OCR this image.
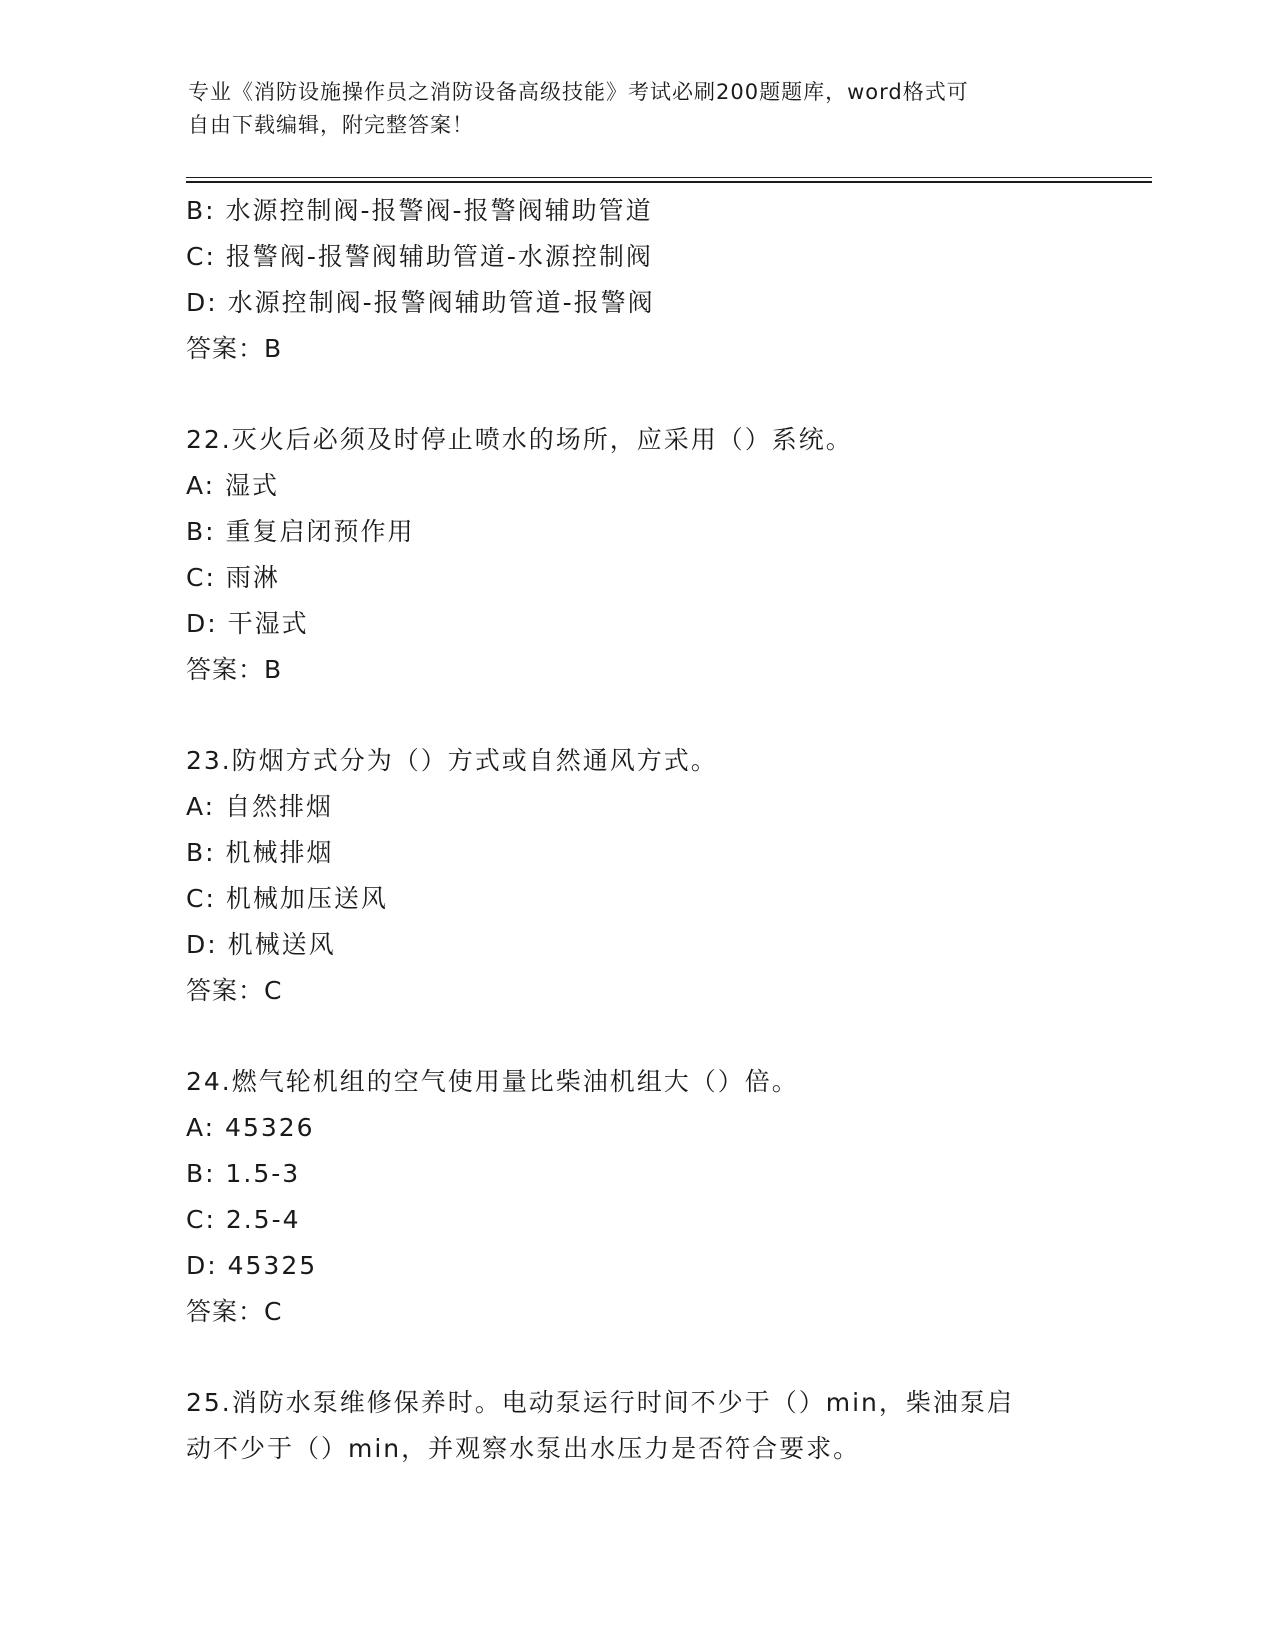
专业《消防设施操作员之消防设备高级技能》考试必刷200题题库，word格式可
自由下载编辑，附完整答案！
B: 水源控制阀-报警阀-报警阀辅助管道
C: 报警阀-报警阀辅助管道-水源控制阀
D: 水源控制阀-报警阀辅助管道-报警阀
答案：B
22.灭火后必须及时停止喷水的场所，应采用（）系统。
A: 湿式
B: 重复启闭预作用
C: 雨淋
D: 干湿式
答案：B
23.防烟方式分为（）方式或自然通风方式。
A: 自然排烟
B: 机械排烟
C: 机械加压送风
D: 机械送风
答案：C
24.燃气轮机组的空气使用量比柴油机组大（）倍。
A: 45326
B: 1.5-3
C: 2.5-4
D: 45325
答案：C
25.消防水泵维修保养时。电动泵运行时间不少于（）min，柴油泵启
动不少于（）min，并观察水泵出水压力是否符合要求。
